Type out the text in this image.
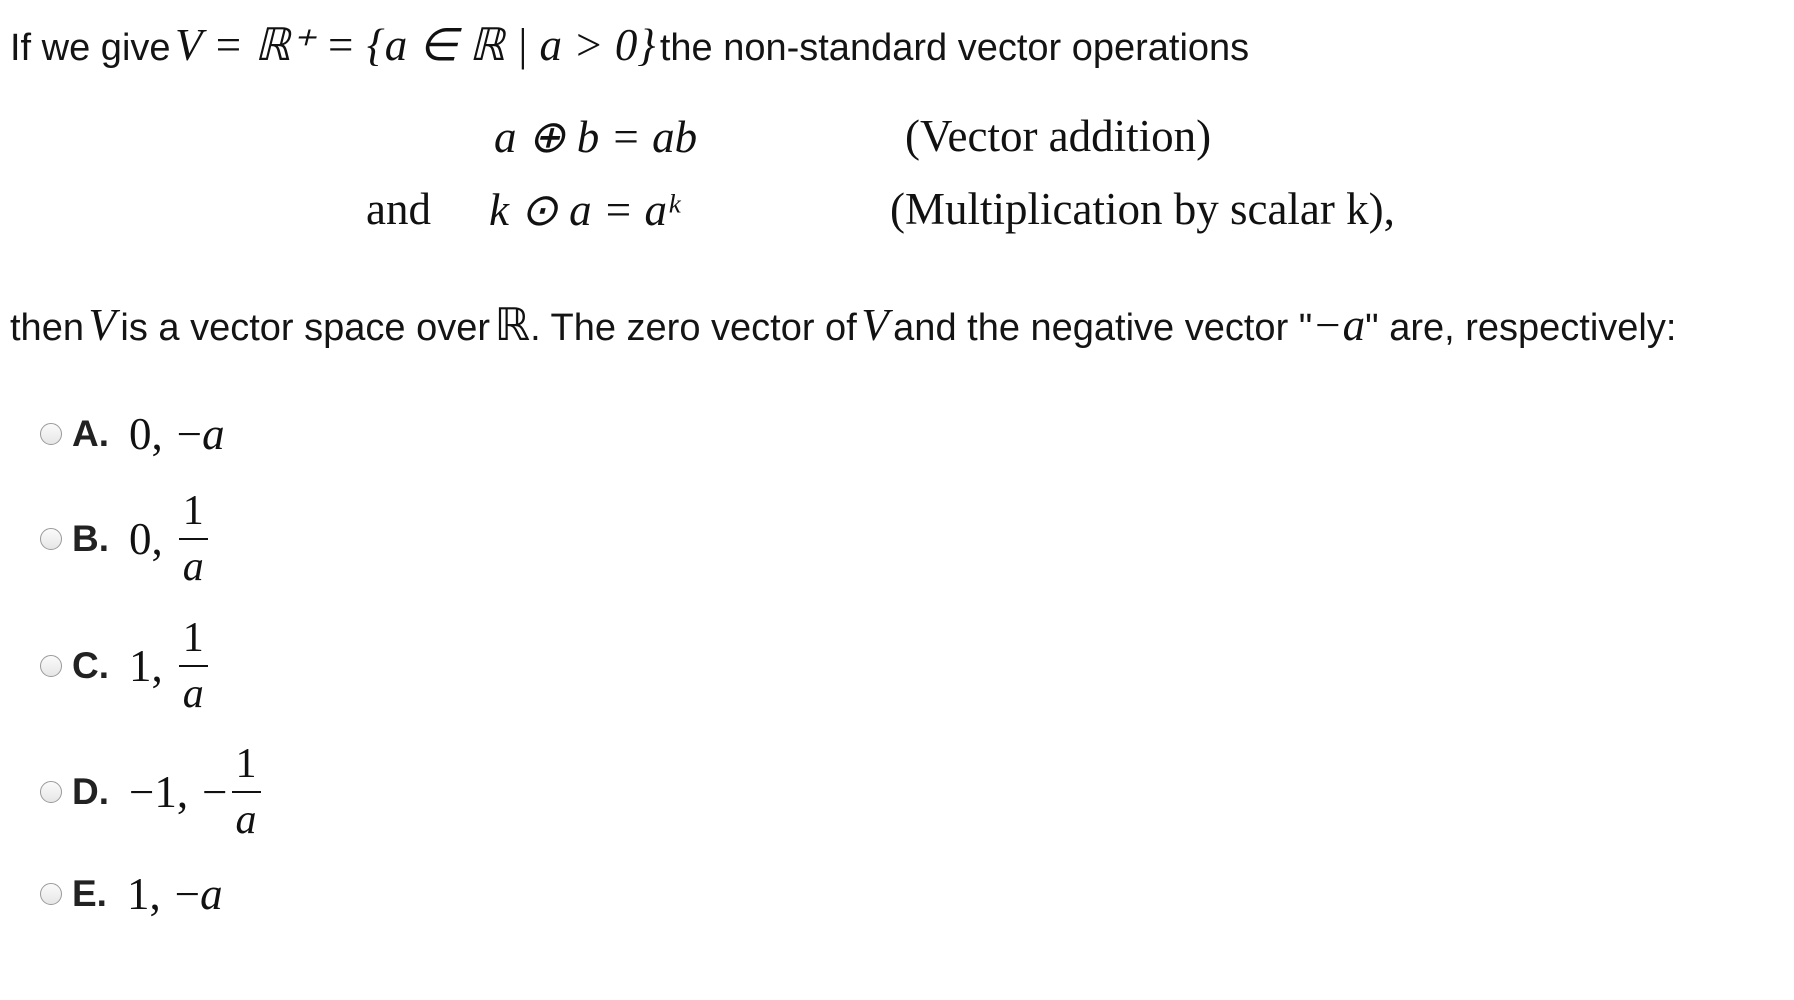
If we give V = ℝ⁺ = {a ∈ ℝ | a > 0} the non-standard vector operations
a ⊕ b = ab	(Vector addition)
and k ⊙ a = aᵏ	(Multiplication by scalar k),
then V is a vector space over ℝ. The zero vector of V and the negative vector "−a" are, respectively:
A. 0, − a
B. 0, $\frac{1}{a}$
C. 1, $\frac{1}{a}$
D. −1, − $\frac{1}{a}$
E. 1, − a
